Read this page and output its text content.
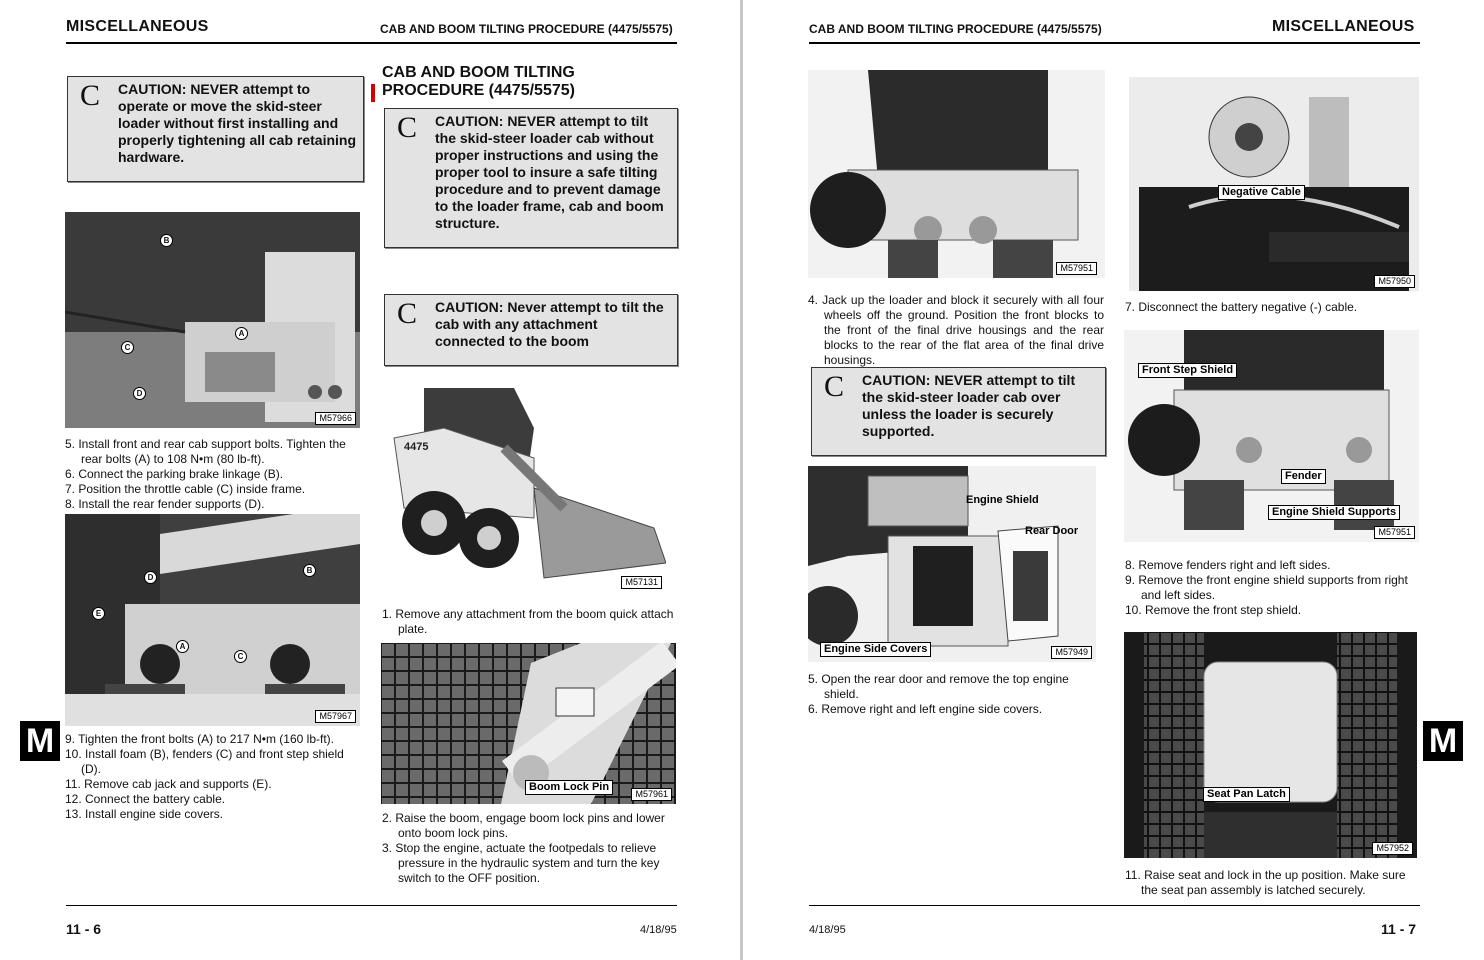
MISCELLANEOUS	CAB AND BOOM TILTING PROCEDURE (4475/5575)
C CAUTION: NEVER attempt to operate or move the skid-steer loader without first installing and properly tightening all cab retaining hardware.
CAB AND BOOM TILTING PROCEDURE (4475/5575)
C CAUTION: NEVER attempt to tilt the skid-steer loader cab without proper instructions and using the proper tool to insure a safe tilting procedure and to prevent damage to the loader frame, cab and boom structure.
C CAUTION: Never attempt to tilt the cab with any attachment connected to the boom
B
A
C
D
M57966

5. Install front and rear cab support bolts. Tighten the rear bolts (A) to 108 N•m (80 lb-ft).

6. Connect the parking brake linkage (B).

7. Position the throttle cable (C) inside frame.

8. Install the rear fender supports (D).

D
B
E
A
C
M57967

9. Tighten the front bolts (A) to 217 N•m (160 lb-ft).

10. Install foam (B), fenders (C) and front step shield (D).

11. Remove cab jack and supports (E).

12. Connect the battery cable.

13. Install engine side covers.

4475
M57131

1. Remove any attachment from the boom quick attach plate.

Boom Lock Pin
M57961

2. Raise the boom, engage boom lock pins and lower onto boom lock pins.

3. Stop the engine, actuate the footpedals to relieve pressure in the hydraulic system and turn the key switch to the OFF position.

M
11 - 6	4/18/95
CAB AND BOOM TILTING PROCEDURE (4475/5575)	MISCELLANEOUS
M57951

4. Jack up the loader and block it securely with all four wheels off the ground. Position the front blocks to the front of the final drive housings and the rear blocks to the rear of the flat area of the final drive housings.

C CAUTION: NEVER attempt to tilt the skid-steer loader cab over unless the loader is securely supported.
Engine Shield
Rear Door
Engine Side Covers	M57949

5. Open the rear door and remove the top engine shield.

6. Remove right and left engine side covers.

Negative Cable
M57950

7. Disconnect the battery negative (-) cable.

Front Step Shield
Fender
Engine Shield Supports
M57951

8. Remove fenders right and left sides.

9. Remove the front engine shield supports from right and left sides.

10. Remove the front step shield.

Seat Pan Latch
M57952

11. Raise seat and lock in the up position. Make sure the seat pan assembly is latched securely.

M
4/18/95	11 - 7
